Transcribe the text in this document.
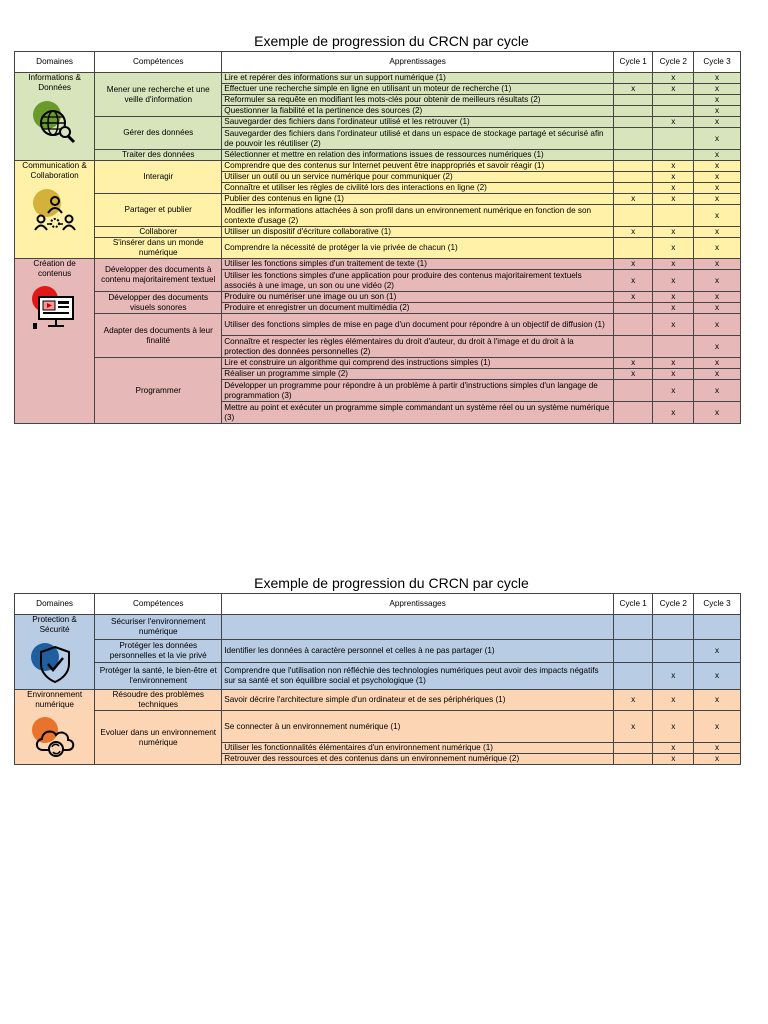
Exemple de progression du CRCN par cycle
Domaines	Compétences	Apprentissages	Cycle 1	Cycle 2	Cycle 3

Informations & Données	Mener une recherche et une veille d'information	Lire et repérer des informations sur un support numérique (1)		x	x
		Effectuer une recherche simple en ligne en utilisant un moteur de recherche (1)	x	x	x
		Reformuler sa requête en modifiant les mots-clés pour obtenir de meilleurs résultats (2)			x
		Questionner la fiabilité et la pertinence des sources (2)			x
	Gérer des données	Sauvegarder des fichiers dans l'ordinateur utilisé et les retrouver (1)		x	x
		Sauvegarder des fichiers dans l'ordinateur utilisé et dans un espace de stockage partagé et sécurisé afin de pouvoir les réutiliser (2)			x
	Traiter des données	Sélectionner et mettre en relation des informations issues de ressources numériques (1)			x

Communication & Collaboration	Interagir	Comprendre que des contenus sur Internet peuvent être inappropriés et savoir réagir (1)		x	x
		Utiliser un outil ou un service numérique pour communiquer (2)		x	x
		Connaître et utiliser les règles de civilité lors des interactions en ligne (2)		x	x
	Partager et publier	Publier des contenus en ligne (1)	x	x	x
		Modifier les informations attachées à son profil dans un environnement numérique en fonction de son contexte d'usage (2)			x
	Collaborer	Utiliser un dispositif d'écriture collaborative (1)	x	x	x
	S'insérer dans un monde numérique	Comprendre la nécessité de protéger la vie privée de chacun (1)		x	x

Création de contenus	Développer des documents à contenu majoritairement textuel	Utiliser les fonctions simples d'un traitement de texte (1)	x	x	x
		Utiliser les fonctions simples d'une application pour produire des contenus majoritairement textuels associés à une image, un son ou une vidéo (2)	x	x	x
	Développer des documents visuels sonores	Produire ou numériser une image ou un son (1)	x	x	x
		Produire et enregistrer un document multimédia (2)		x	x
	Adapter des documents à leur finalité	Utiliser des fonctions simples de mise en page d'un document pour répondre à un objectif de diffusion (1)		x	x
		Connaître et respecter les règles élémentaires du droit d'auteur, du droit à l'image et du droit à la protection des données personnelles (2)			x
	Programmer	Lire et construire un algorithme qui comprend des instructions simples (1)	x	x	x
		Réaliser un programme simple (2)	x	x	x
		Développer un programme pour répondre à un problème à partir d'instructions simples d'un langage de programmation (3)		x	x
		Mettre au point et exécuter un programme simple commandant un système réel ou un système numérique (3)		x	x
Exemple de progression du CRCN par cycle
Domaines	Compétences	Apprentissages	Cycle 1	Cycle 2	Cycle 3

Protection & Sécurité	Sécuriser l'environnement numérique				
	Protéger les données personnelles et la vie privé	Identifier les données à caractère personnel et celles à ne pas partager (1)			x
	Protéger la santé, le bien-être et l'environnement	Comprendre que l'utilisation non réfléchie des technologies numériques peut avoir des impacts négatifs sur sa santé et son équilibre social et psychologique (1)		x	x

Environnement numérique	Résoudre des problèmes techniques	Savoir décrire l'architecture simple d'un ordinateur et de ses périphériques (1)	x	x	x
	Evoluer dans un environnement numérique	Se connecter à un environnement numérique (1)	x	x	x
		Utiliser les fonctionnalités élémentaires d'un environnement numérique (1)		x	x
		Retrouver des ressources et des contenus dans un environnement numérique (2)		x	x
